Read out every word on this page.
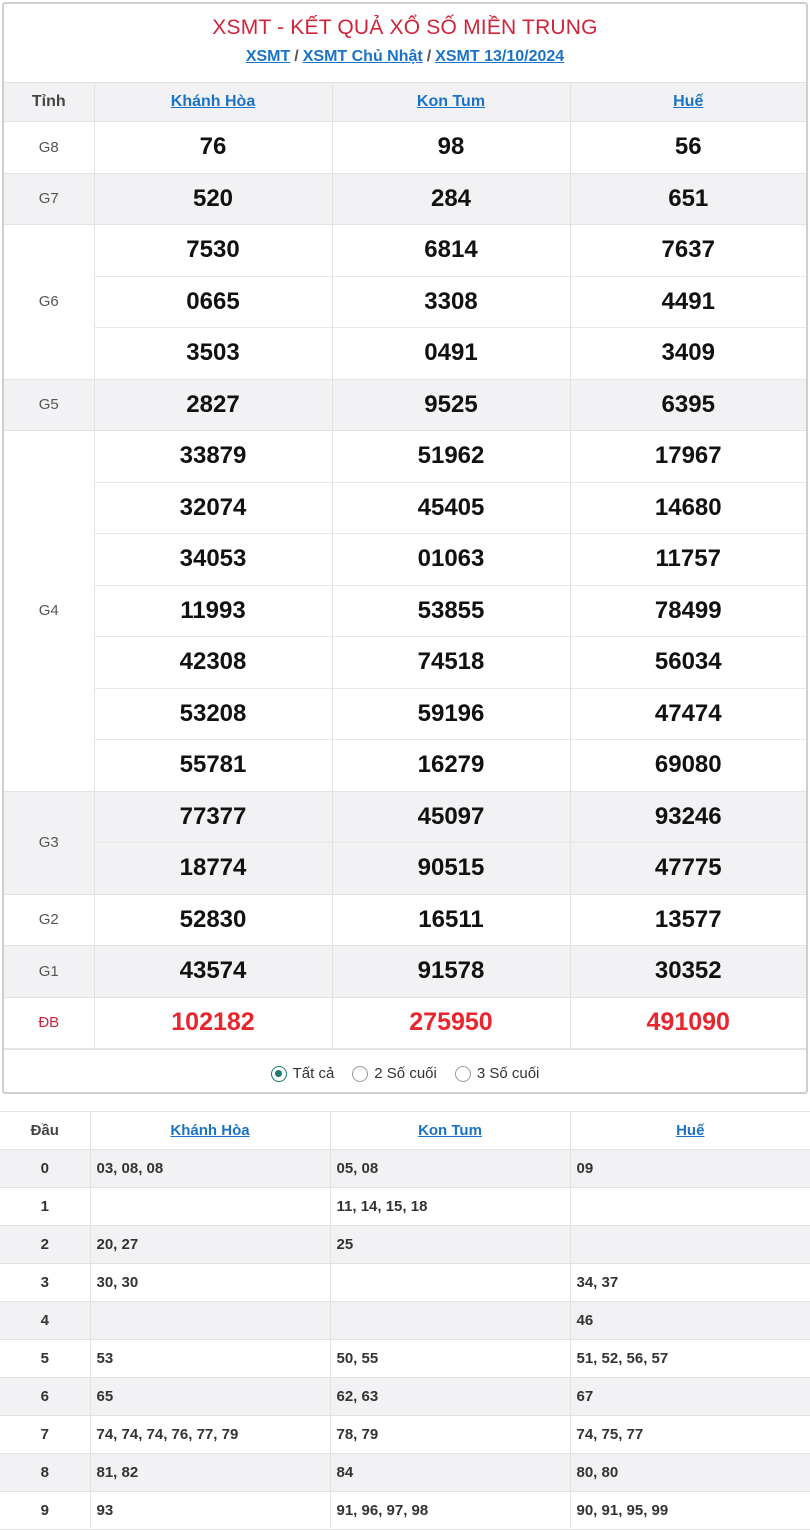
XSMT - KẾT QUẢ XỔ SỐ MIỀN TRUNG
XSMT / XSMT Chủ Nhật / XSMT 13/10/2024
Tỉnh	Khánh Hòa	Kon Tum	Huế
G8	76	98	56
G7	520	284	651
G6	7530	6814	7637
	0665	3308	4491
	3503	0491	3409
G5	2827	9525	6395
G4	33879	51962	17967
	32074	45405	14680
	34053	01063	11757
	11993	53855	78499
	42308	74518	56034
	53208	59196	47474
	55781	16279	69080
G3	77377	45097	93246
	18774	90515	47775
G2	52830	16511	13577
G1	43574	91578	30352
ĐB	102182	275950	491090
Tất cả	2 Số cuối	3 Số cuối
Đầu	Khánh Hòa	Kon Tum	Huế
0	03, 08, 08	05, 08	09
1		11, 14, 15, 18	
2	20, 27	25	
3	30, 30		34, 37
4			46
5	53	50, 55	51, 52, 56, 57
6	65	62, 63	67
7	74, 74, 74, 76, 77, 79	78, 79	74, 75, 77
8	81, 82	84	80, 80
9	93	91, 96, 97, 98	90, 91, 95, 99
